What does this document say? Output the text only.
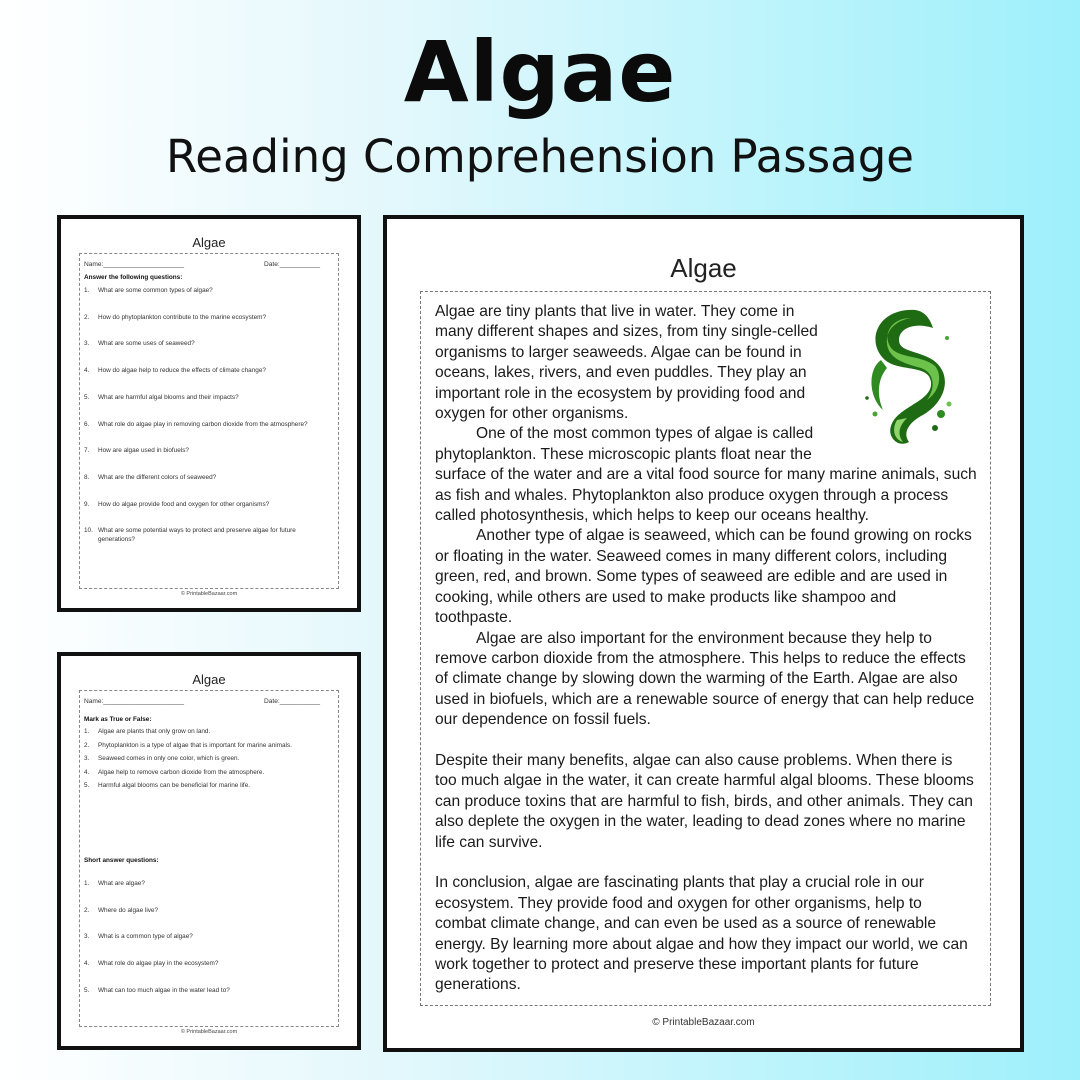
Algae
Reading Comprehension Passage
Algae
Name:______________________	Date:___________
Answer the following questions:
1.	What are some common types of algae?
2.	How do phytoplankton contribute to the marine ecosystem?
3.	What are some uses of seaweed?
4.	How do algae help to reduce the effects of climate change?
5.	What are harmful algal blooms and their impacts?
6.	What role do algae play in removing carbon dioxide from the atmosphere?
7.	How are algae used in biofuels?
8.	What are the different colors of seaweed?
9.	How do algae provide food and oxygen for other organisms?
10. What are some potential ways to protect and preserve algae for future generations?
© PrintableBazaar.com
Algae
Name:______________________	Date:___________
Mark as True or False:
1.	Algae are plants that only grow on land.
2.	Phytoplankton is a type of algae that is important for marine animals.
3.	Seaweed comes in only one color, which is green.
4.	Algae help to remove carbon dioxide from the atmosphere.
5.	Harmful algal blooms can be beneficial for marine life.
Short answer questions:
1.	What are algae?
2.	Where do algae live?
3.	What is a common type of algae?
4.	What role do algae play in the ecosystem?
5.	What can too much algae in the water lead to?
© PrintableBazaar.com
Algae

Algae are tiny plants that live in water. They come in many different shapes and sizes, from tiny single-celled organisms to larger seaweeds. Algae can be found in oceans, lakes, rivers, and even puddles. They play an important role in the ecosystem by providing food and oxygen for other organisms.

One of the most common types of algae is called phytoplankton. These microscopic plants float near the surface of the water and are a vital food source for many marine animals, such as fish and whales. Phytoplankton also produce oxygen through a process called photosynthesis, which helps to keep our oceans healthy.

Another type of algae is seaweed, which can be found growing on rocks or floating in the water. Seaweed comes in many different colors, including green, red, and brown. Some types of seaweed are edible and are used in cooking, while others are used to make products like shampoo and toothpaste.

Algae are also important for the environment because they help to remove carbon dioxide from the atmosphere. This helps to reduce the effects of climate change by slowing down the warming of the Earth. Algae are also used in biofuels, which are a renewable source of energy that can help reduce our dependence on fossil fuels.

Despite their many benefits, algae can also cause problems. When there is too much algae in the water, it can create harmful algal blooms. These blooms can produce toxins that are harmful to fish, birds, and other animals. They can also deplete the oxygen in the water, leading to dead zones where no marine life can survive.

In conclusion, algae are fascinating plants that play a crucial role in our ecosystem. They provide food and oxygen for other organisms, help to combat climate change, and can even be used as a source of renewable energy. By learning more about algae and how they impact our world, we can work together to protect and preserve these important plants for future generations.

© PrintableBazaar.com
